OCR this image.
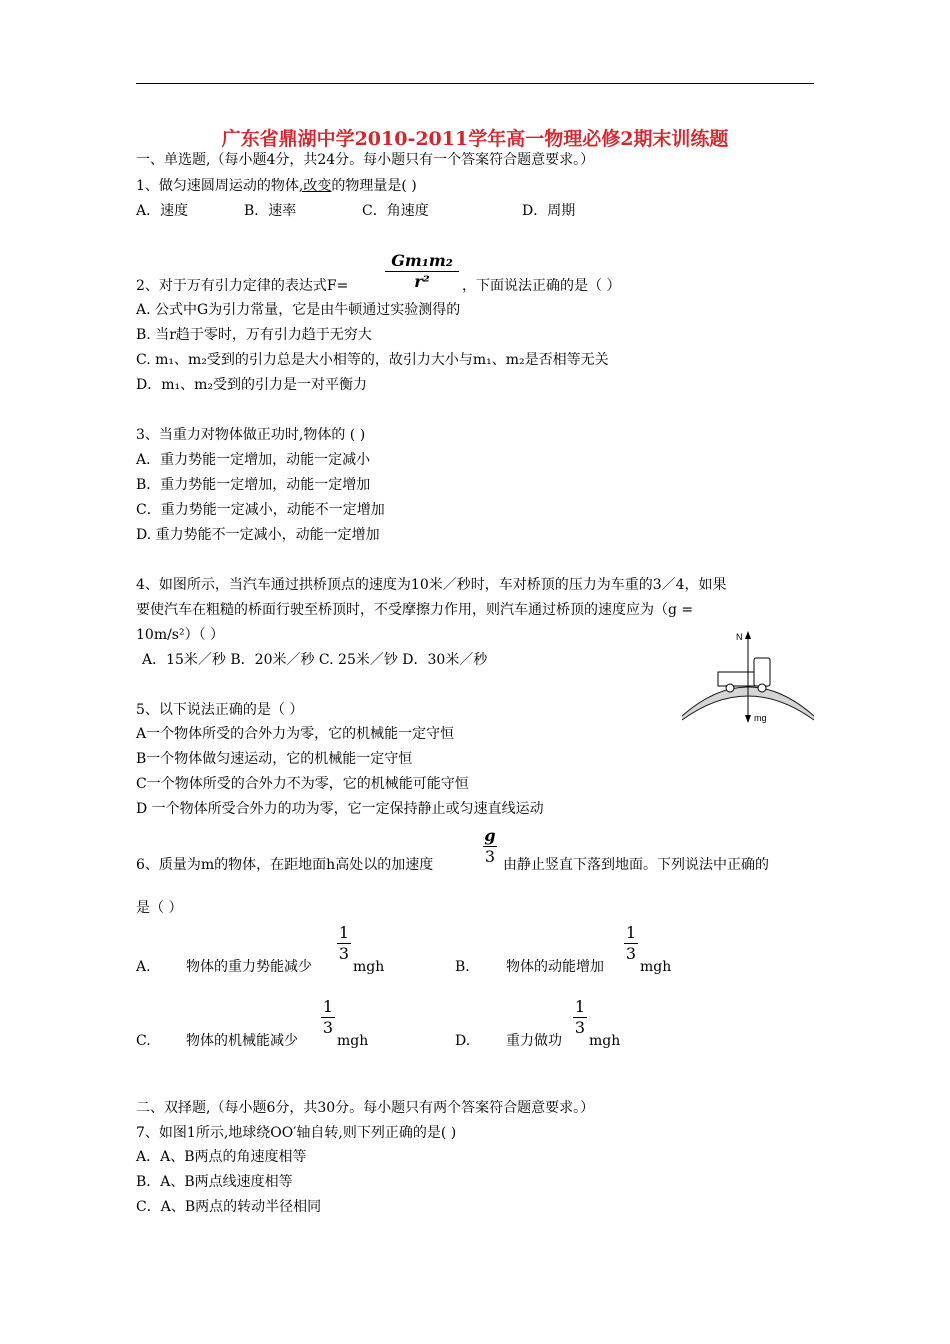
广东省鼎湖中学2010-2011学年高一物理必修2期末训练题
一、单选题,（每小题4分，共24分。每小题只有一个答案符合题意要求。）
1、做匀速圆周运动的物体,改变的物理量是( )
A．速度	B．速率	C．角速度	D．周期
Gm₁m₂
r²
2、对于万有引力定律的表达式F=	，下面说法正确的是（ ）
A. 公式中G为引力常量，它是由牛顿通过实验测得的
B. 当r趋于零时，万有引力趋于无穷大
C. m₁、m₂受到的引力总是大小相等的，故引力大小与m₁、m₂是否相等无关
D．m₁、m₂受到的引力是一对平衡力
3、当重力对物体做正功时,物体的 ( )
A．重力势能一定增加，动能一定减小
B．重力势能一定增加，动能一定增加
C．重力势能一定减小，动能不一定增加
D. 重力势能不一定减小，动能一定增加
4、如图所示，当汽车通过拱桥顶点的速度为10米／秒时，车对桥顶的压力为车重的3／4，如果
要使汽车在粗糙的桥面行驶至桥顶时，不受摩擦力作用，则汽车通过桥顶的速度应为（g =
10m/s²）（ ）
A．15米／秒 B．20米／秒 C. 25米／钞 D．30米／秒
N
mg
5、以下说法正确的是（ ）
A一个物体所受的合外力为零，它的机械能一定守恒
B一个物体做匀速运动，它的机械能一定守恒
C一个物体所受的合外力不为零，它的机械能可能守恒
D 一个物体所受合外力的功为零，它一定保持静止或匀速直线运动
g
3
6、质量为m的物体，在距地面h高处以的加速度	由静止竖直下落到地面。下列说法中正确的
是（ ）
A.	物体的重力势能减少
1
3
mgh	B.	物体的动能增加
1
3
mgh
C.	物体的机械能减少
1
3
mgh	D.	重力做功
1
3
mgh
二、双择题,（每小题6分，共30分。每小题只有两个答案符合题意要求。）
7、如图1所示,地球绕OO′轴自转,则下列正确的是( )
A．A、B两点的角速度相等
B．A、B两点线速度相等
C．A、B两点的转动半径相同
